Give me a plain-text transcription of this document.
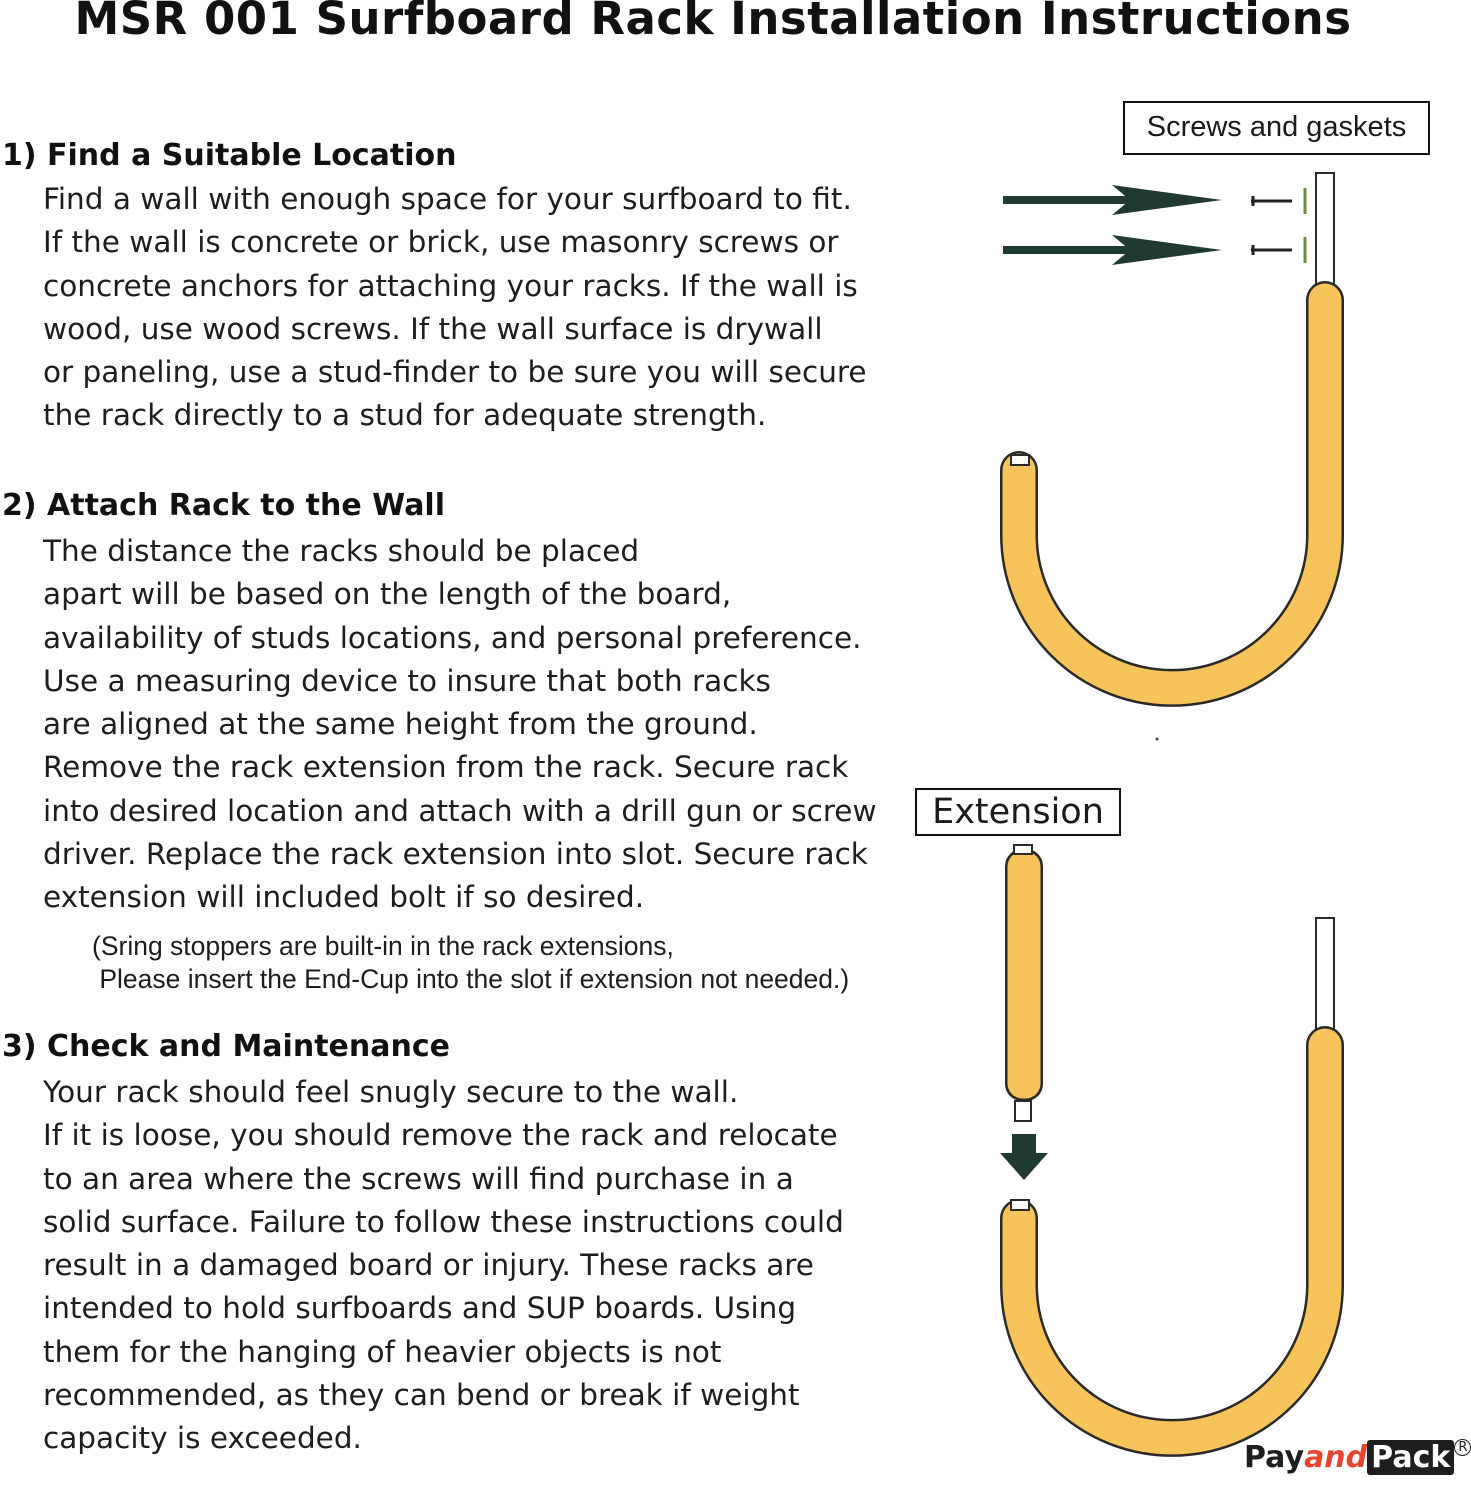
MSR 001 Surfboard Rack Installation Instructions
1) Find a Suitable Location
Find a wall with enough space for your surfboard to fit.
If the wall is concrete or brick, use masonry screws or
concrete anchors for attaching your racks. If the wall is
wood, use wood screws. If the wall surface is drywall
or paneling, use a stud-finder to be sure you will secure
the rack directly to a stud for adequate strength.
2) Attach Rack to the Wall
The distance the racks should be placed
apart will be based on the length of the board,
availability of studs locations, and personal preference.
Use a measuring device to insure that both racks
are aligned at the same height from the ground.
Remove the rack extension from the rack. Secure rack
into desired location and attach with a drill gun or screw
driver. Replace the rack extension into slot. Secure rack
extension will included bolt if so desired.
(Sring stoppers are built-in in the rack extensions,
Please insert the End-Cup into the slot if extension not needed.)
3) Check and Maintenance
Your rack should feel snugly secure to the wall.
If it is loose, you should remove the rack and relocate
to an area where the screws will find purchase in a
solid surface. Failure to follow these instructions could
result in a damaged board or injury. These racks are
intended to hold surfboards and SUP boards. Using
them for the hanging of heavier objects is not
recommended, as they can bend or break if weight
capacity is exceeded.
Screws and gaskets
Extension
Payand Pack $^R$
